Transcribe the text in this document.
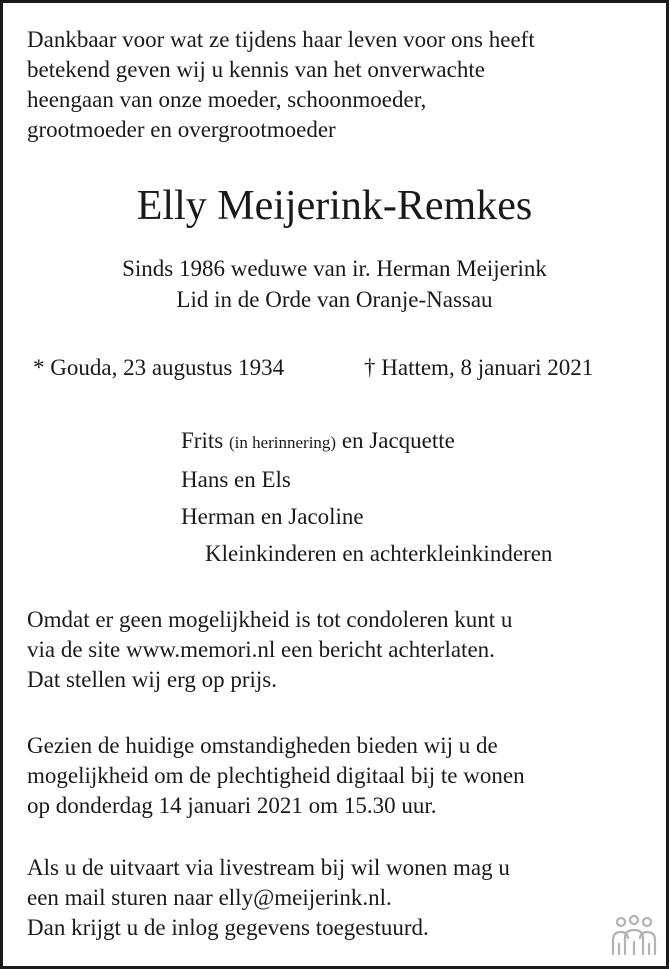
Dankbaar voor wat ze tijdens haar leven voor ons heeft
betekend geven wij u kennis van het onverwachte
heengaan van onze moeder, schoonmoeder,
grootmoeder en overgrootmoeder

Elly Meijerink-Remkes

Sinds 1986 weduwe van ir. Herman Meijerink
Lid in de Orde van Oranje-Nassau

* Gouda, 23 augustus 1934	† Hattem, 8 januari 2021
Frits (in herinnering) en Jacquette
Hans en Els
Herman en Jacoline
Kleinkinderen en achterkleinkinderen

Omdat er geen mogelijkheid is tot condoleren kunt u
via de site www.memori.nl een bericht achterlaten.
Dat stellen wij erg op prijs.

Gezien de huidige omstandigheden bieden wij u de
mogelijkheid om de plechtigheid digitaal bij te wonen
op donderdag 14 januari 2021 om 15.30 uur.

Als u de uitvaart via livestream bij wil wonen mag u
een mail sturen naar elly@meijerink.nl.
Dan krijgt u de inlog gegevens toegestuurd.
